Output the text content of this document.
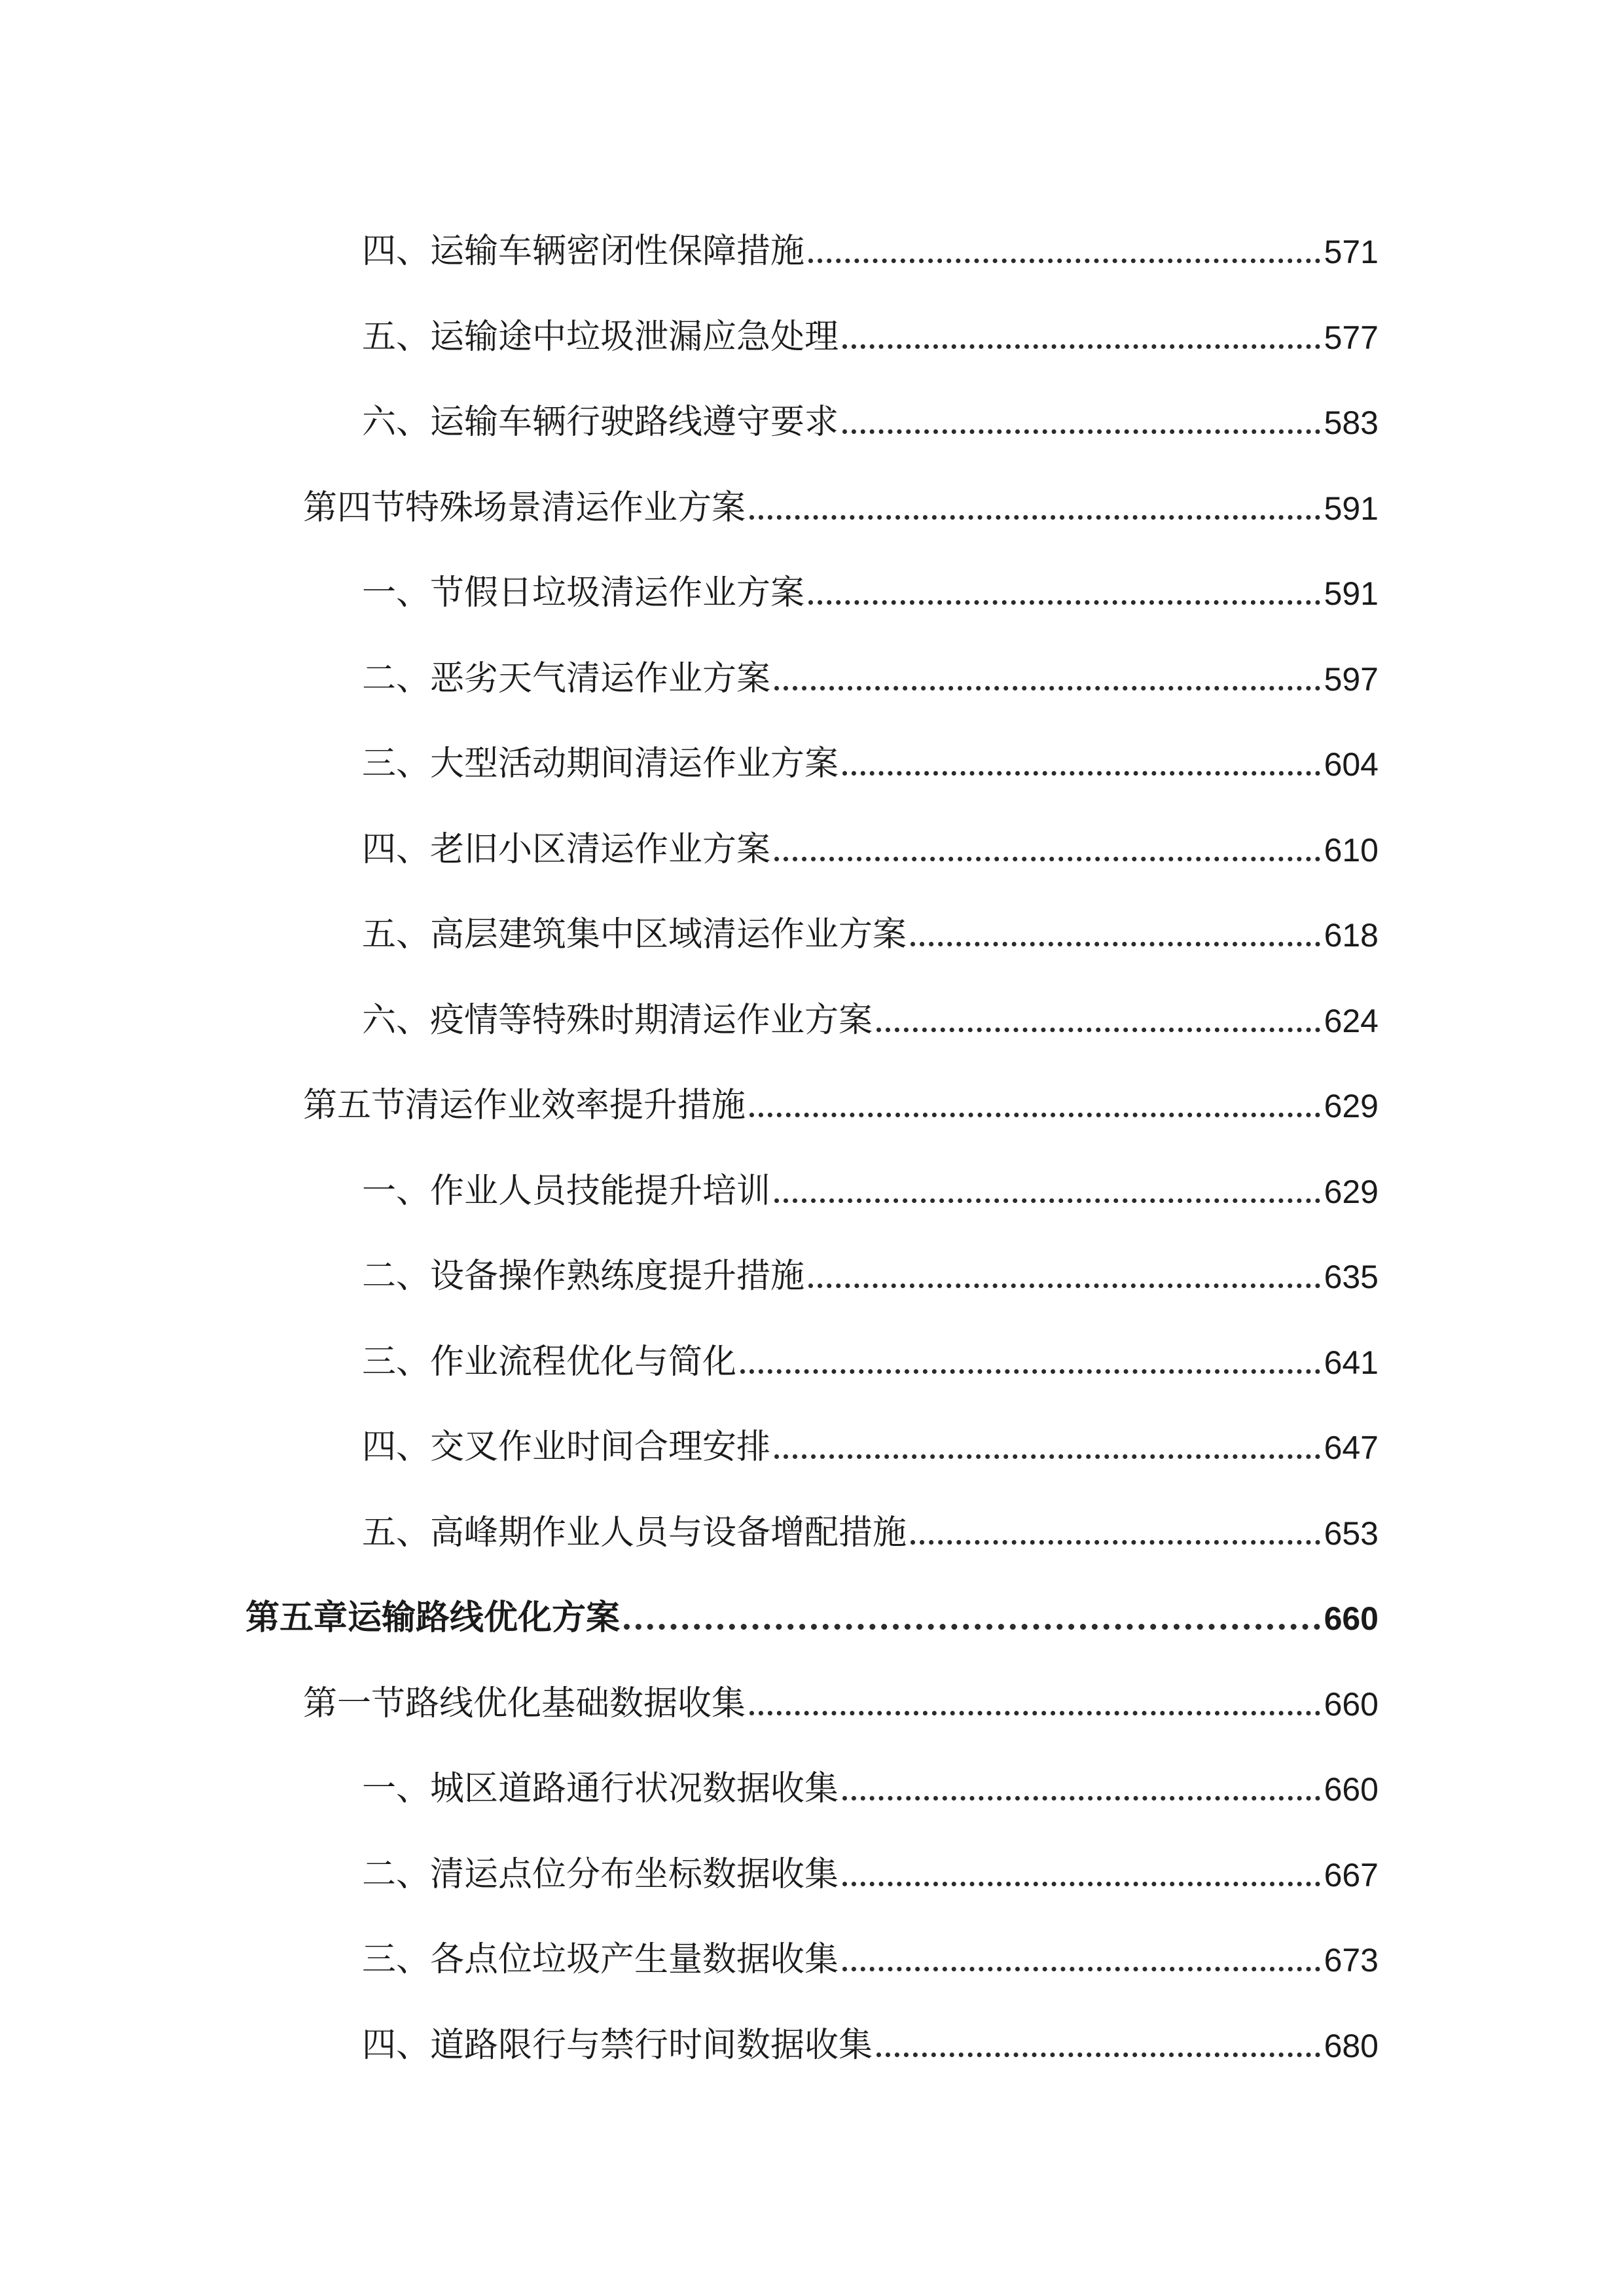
四、运输车辆密闭性保障措施	571
五、运输途中垃圾泄漏应急处理	577
六、运输车辆行驶路线遵守要求	583
第四节特殊场景清运作业方案	591
一、节假日垃圾清运作业方案	591
二、恶劣天气清运作业方案	597
三、大型活动期间清运作业方案	604
四、老旧小区清运作业方案	610
五、高层建筑集中区域清运作业方案	618
六、疫情等特殊时期清运作业方案	624
第五节清运作业效率提升措施	629
一、作业人员技能提升培训	629
二、设备操作熟练度提升措施	635
三、作业流程优化与简化	641
四、交叉作业时间合理安排	647
五、高峰期作业人员与设备增配措施	653
第五章运输路线优化方案	660
第一节路线优化基础数据收集	660
一、城区道路通行状况数据收集	660
二、清运点位分布坐标数据收集	667
三、各点位垃圾产生量数据收集	673
四、道路限行与禁行时间数据收集	680
